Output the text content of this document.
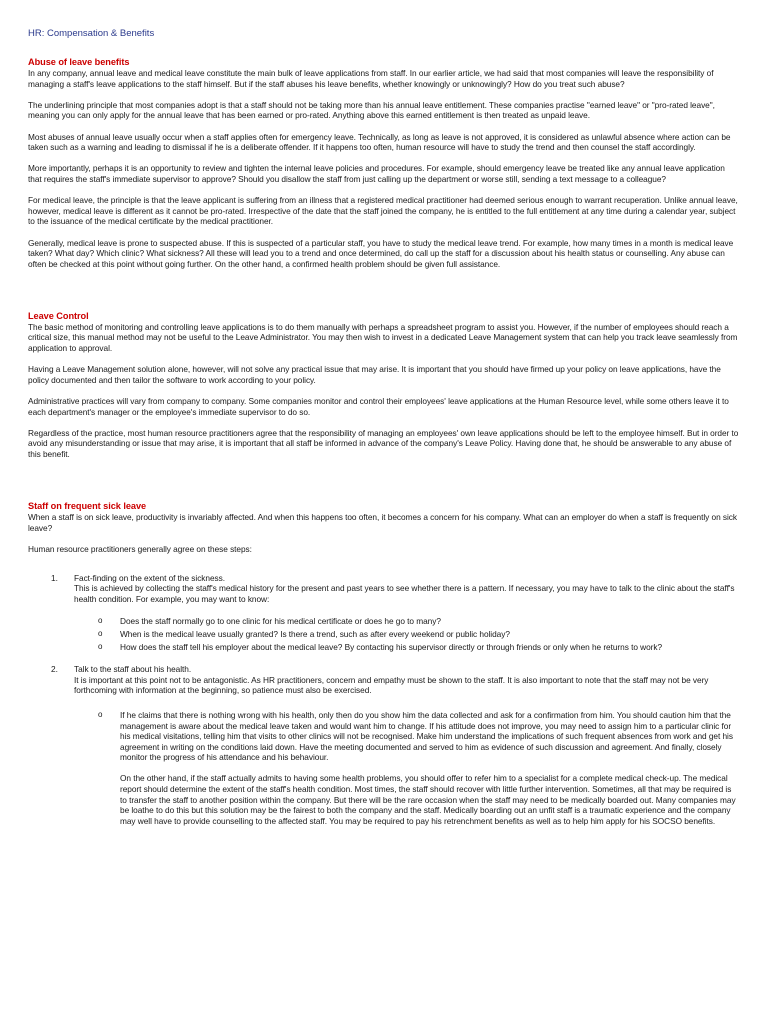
HR: Compensation & Benefits
Abuse of leave benefits

In any company, annual leave and medical leave constitute the main bulk of leave applications from staff. In our earlier article, we had said that most companies will leave the responsibility of managing a staff's leave applications to the staff himself. But if the staff abuses his leave benefits, whether knowingly or unknowingly? How do you treat such abuse?

The underlining principle that most companies adopt is that a staff should not be taking more than his annual leave entitlement. These companies practise "earned leave" or "pro-rated leave", meaning you can only apply for the annual leave that has been earned or pro-rated. Anything above this earned entitlement is then treated as unpaid leave.

Most abuses of annual leave usually occur when a staff applies often for emergency leave. Technically, as long as leave is not approved, it is considered as unlawful absence where action can be taken such as a warning and leading to dismissal if he is a deliberate offender. If it happens too often, human resource will have to study the trend and then counsel the staff accordingly.

More importantly, perhaps it is an opportunity to review and tighten the internal leave policies and procedures. For example, should emergency leave be treated like any annual leave application that requires the staff's immediate supervisor to approve? Should you disallow the staff from just calling up the department or worse still, sending a text message to a colleague?

For medical leave, the principle is that the leave applicant is suffering from an illness that a registered medical practitioner had deemed serious enough to warrant recuperation. Unlike annual leave, however, medical leave is different as it cannot be pro-rated. Irrespective of the date that the staff joined the company, he is entitled to the full entitlement at any time during a calendar year, subject to the issuance of the medical certificate by the medical practitioner.

Generally, medical leave is prone to suspected abuse. If this is suspected of a particular staff, you have to study the medical leave trend. For example, how many times in a month is medical leave taken? What day? Which clinic? What sickness? All these will lead you to a trend and once determined, do call up the staff for a discussion about his health status or counselling. Any abuse can often be checked at this point without going further. On the other hand, a confirmed health problem should be given full assistance.

Leave Control

The basic method of monitoring and controlling leave applications is to do them manually with perhaps a spreadsheet program to assist you. However, if the number of employees should reach a critical size, this manual method may not be useful to the Leave Administrator. You may then wish to invest in a dedicated Leave Management system that can help you track leave seamlessly from application to approval.

Having a Leave Management solution alone, however, will not solve any practical issue that may arise. It is important that you should have firmed up your policy on leave applications, have the policy documented and then tailor the software to work according to your policy.

Administrative practices will vary from company to company. Some companies monitor and control their employees' leave applications at the Human Resource level, while some others leave it to each department's manager or the employee's immediate supervisor to do so.

Regardless of the practice, most human resource practitioners agree that the responsibility of managing an employees' own leave applications should be left to the employee himself. But in order to avoid any misunderstanding or issue that may arise, it is important that all staff be informed in advance of the company's Leave Policy. Having done that, he should be answerable to any abuse of this benefit.

Staff on frequent sick leave

When a staff is on sick leave, productivity is invariably affected. And when this happens too often, it becomes a concern for his company. What can an employer do when a staff is frequently on sick leave?

Human resource practitioners generally agree on these steps:

1. Fact-finding on the extent of the sickness.
This is achieved by collecting the staff's medical history for the present and past years to see whether there is a pattern. If necessary, you may have to talk to the clinic about the staff's health condition. For example, you may want to know:
o Does the staff normally go to one clinic for his medical certificate or does he go to many?
o When is the medical leave usually granted? Is there a trend, such as after every weekend or public holiday?
o How does the staff tell his employer about the medical leave? By contacting his supervisor directly or through friends or only when he returns to work?
2. Talk to the staff about his health.
It is important at this point not to be antagonistic. As HR practitioners, concern and empathy must be shown to the staff. It is also important to note that the staff may not be very forthcoming with information at the beginning, so patience must also be exercised.
o If he claims that there is nothing wrong with his health, only then do you show him the data collected and ask for a confirmation from him. You should caution him that the management is aware about the medical leave taken and would want him to change. If his attitude does not improve, you may need to assign him to a particular clinic for his medical visitations, telling him that visits to other clinics will not be recognised. Make him understand the implications of such frequent absences from work and get his agreement in writing on the conditions laid down. Have the meeting documented and served to him as evidence of such discussion and agreement. And finally, closely monitor the progress of his attendance and his behaviour.

On the other hand, if the staff actually admits to having some health problems, you should offer to refer him to a specialist for a complete medical check-up. The medical report should determine the extent of the staff's health condition. Most times, the staff should recover with little further intervention. Sometimes, all that may be required is to transfer the staff to another position within the company. But there will be the rare occasion when the staff may need to be medically boarded out. Many companies may be loathe to do this but this solution may be the fairest to both the company and the staff. Medically boarding out an unfit staff is a traumatic experience and the company may well have to provide counselling to the affected staff. You may be required to pay his retrenchment benefits as well as to help him apply for his SOCSO benefits.
